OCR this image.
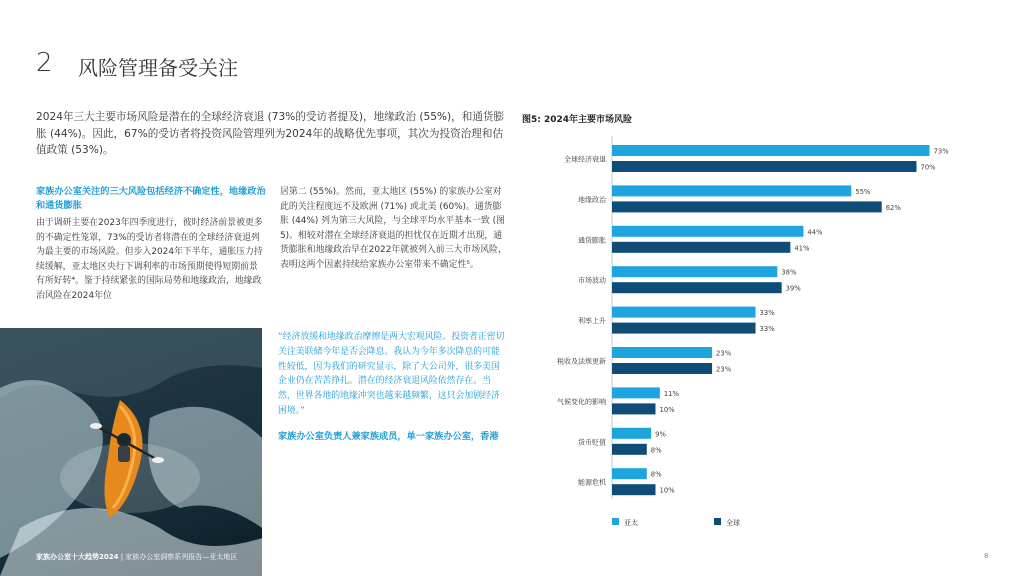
2 风险管理备受关注

2024年三大主要市场风险是潜在的全球经济衰退 (73%的受访者提及)，地缘政治 (55%)，和通货膨胀 (44%)。因此，67%的受访者将投资风险管理列为2024年的战略优先事项，其次为投资治理和估值政策 (53%)。

家族办公室关注的三大风险包括经济不确定性，地缘政治和通货膨胀
由于调研主要在2023年四季度进行，彼时经济前景被更多的不确定性笼罩，73%的受访者将潜在的全球经济衰退列为最主要的市场风险。但步入2024年下半年，通胀压力持续缓解，亚太地区央行下调利率的市场预期使得短期前景有所好转⁴。鉴于持续紧张的国际局势和地缘政治，地缘政治风险在2024年位
居第二 (55%)。然而，亚太地区 (55%) 的家族办公室对此的关注程度远不及欧洲 (71%) 或北美 (60%)。通货膨胀 (44%) 列为第三大风险，与全球平均水平基本一致 (图5)。相较对潜在全球经济衰退的担忧仅在近期才出现，通货膨胀和地缘政治早在2022年就被列入前三大市场风险，表明这两个因素持续给家族办公室带来不确定性⁵。

“经济放缓和地缘政治摩擦是两大宏观风险。投资者正密切关注美联储今年是否会降息。我认为今年多次降息的可能性较低，因为我们的研究显示，除了大公司外，很多美国企业仍在苦苦挣扎。潜在的经济衰退风险依然存在。当然，世界各地的地缘冲突也越来越频繁，这只会加剧经济困境。”

家族办公室负责人兼家族成员，单一家族办公室，香港

家族办公室十大趋势2024 | 家族办公室洞察系列报告—亚太地区	8
图5: 2024年主要市场风险
全球经济衰退
73%
70%
地缘政治
55%
62%
通货膨胀
44%
41%
市场波动
38%
39%
利率上升
33%
33%
税收及法规更新
23%
23%
气候变化的影响
11%
10%
货币贬值
9%
8%
能源危机
8%
10%
亚太	全球
